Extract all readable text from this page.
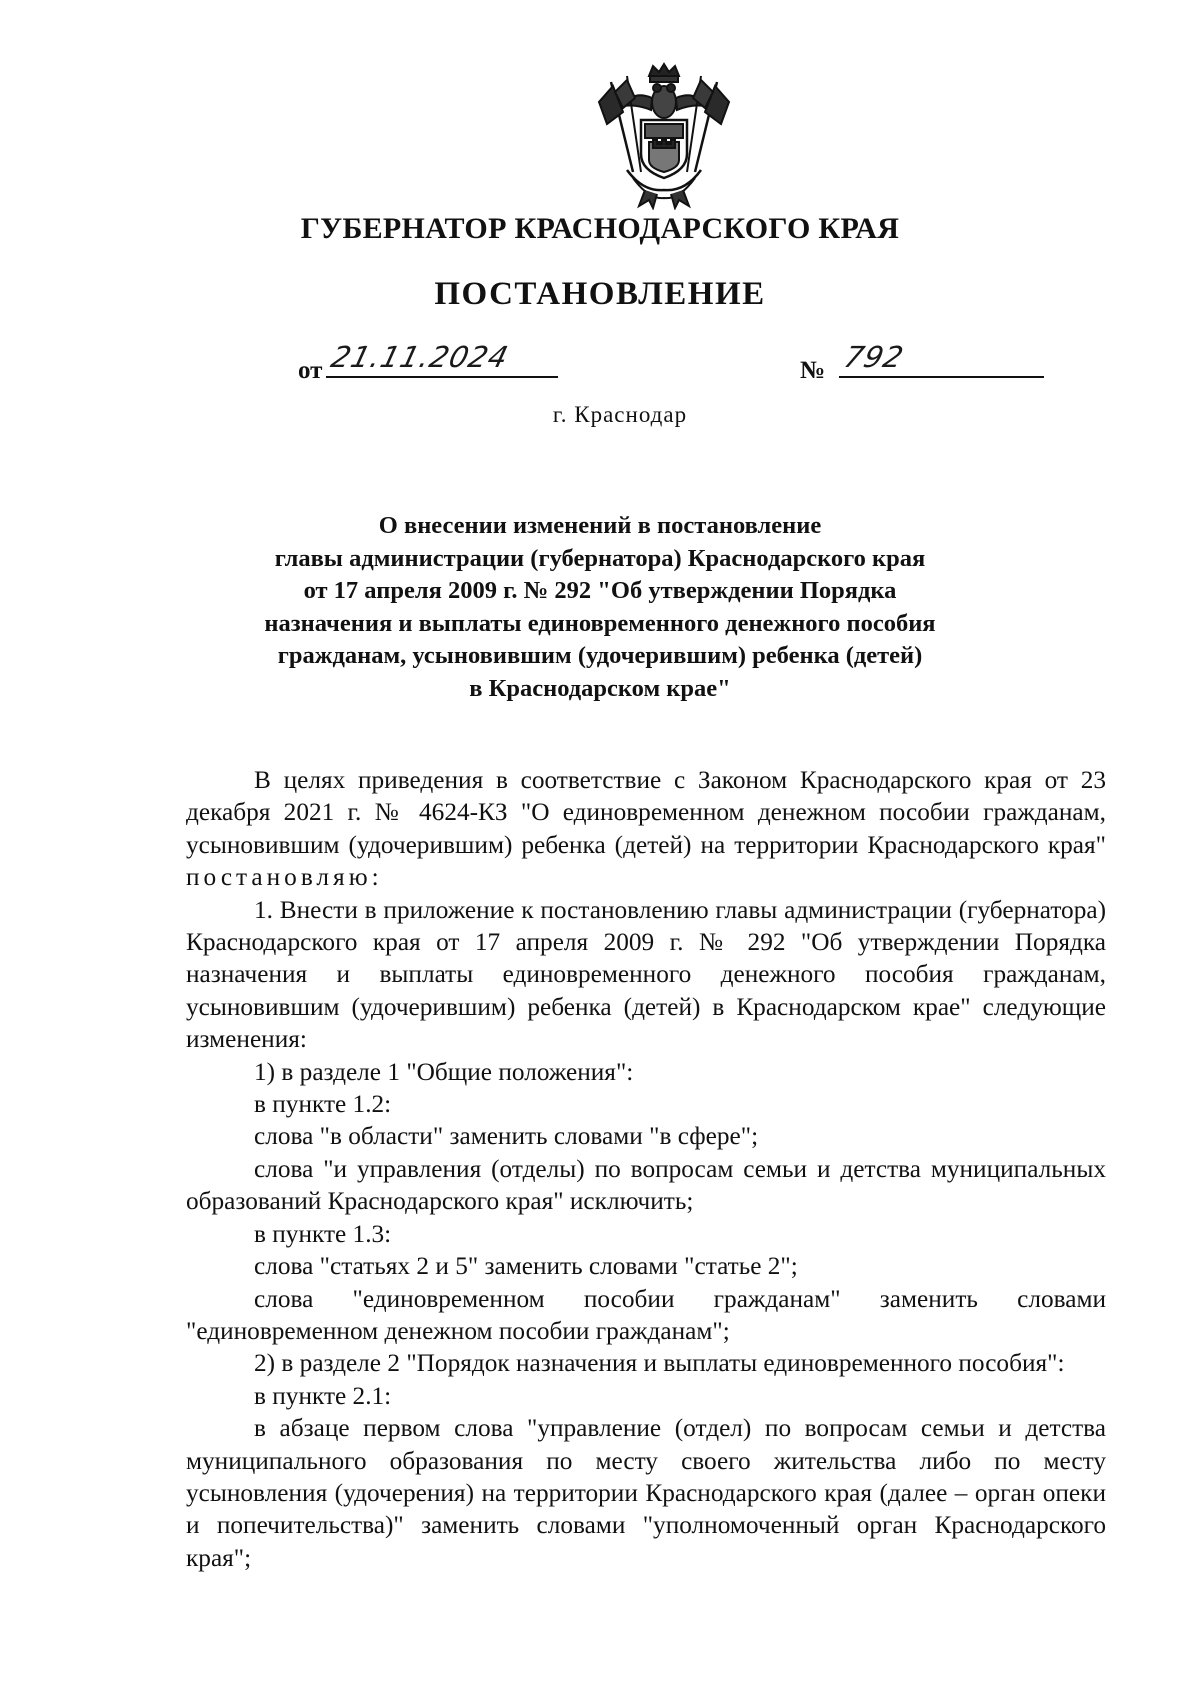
ГУБЕРНАТОР КРАСНОДАРСКОГО КРАЯ
ПОСТАНОВЛЕНИЕ
от 21.11.2024	№ 792
г. Краснодар
О внесении изменений в постановление
главы администрации (губернатора) Краснодарского края
от 17 апреля 2009 г. № 292 "Об утверждении Порядка
назначения и выплаты единовременного денежного пособия
гражданам, усыновившим (удочерившим) ребенка (детей)
в Краснодарском крае"

В целях приведения в соответствие с Законом Краснодарского края от 23 декабря 2021 г. № 4624-КЗ "О единовременном денежном пособии гражданам, усыновившим (удочерившим) ребенка (детей) на территории Краснодарского края" постановляю:

1. Внести в приложение к постановлению главы администрации (губернатора) Краснодарского края от 17 апреля 2009 г. № 292 "Об утверждении Порядка назначения и выплаты единовременного денежного пособия гражданам, усыновившим (удочерившим) ребенка (детей) в Краснодарском крае" следующие изменения:

1) в разделе 1 "Общие положения":

в пункте 1.2:

слова "в области" заменить словами "в сфере";

слова "и управления (отделы) по вопросам семьи и детства муниципальных образований Краснодарского края" исключить;

в пункте 1.3:

слова "статьях 2 и 5" заменить словами "статье 2";

слова "единовременном пособии гражданам" заменить словами "единовременном денежном пособии гражданам";

2) в разделе 2 "Порядок назначения и выплаты единовременного пособия":

в пункте 2.1:

в абзаце первом слова "управление (отдел) по вопросам семьи и детства муниципального образования по месту своего жительства либо по месту усыновления (удочерения) на территории Краснодарского края (далее – орган опеки и попечительства)" заменить словами "уполномоченный орган Краснодарского края";
